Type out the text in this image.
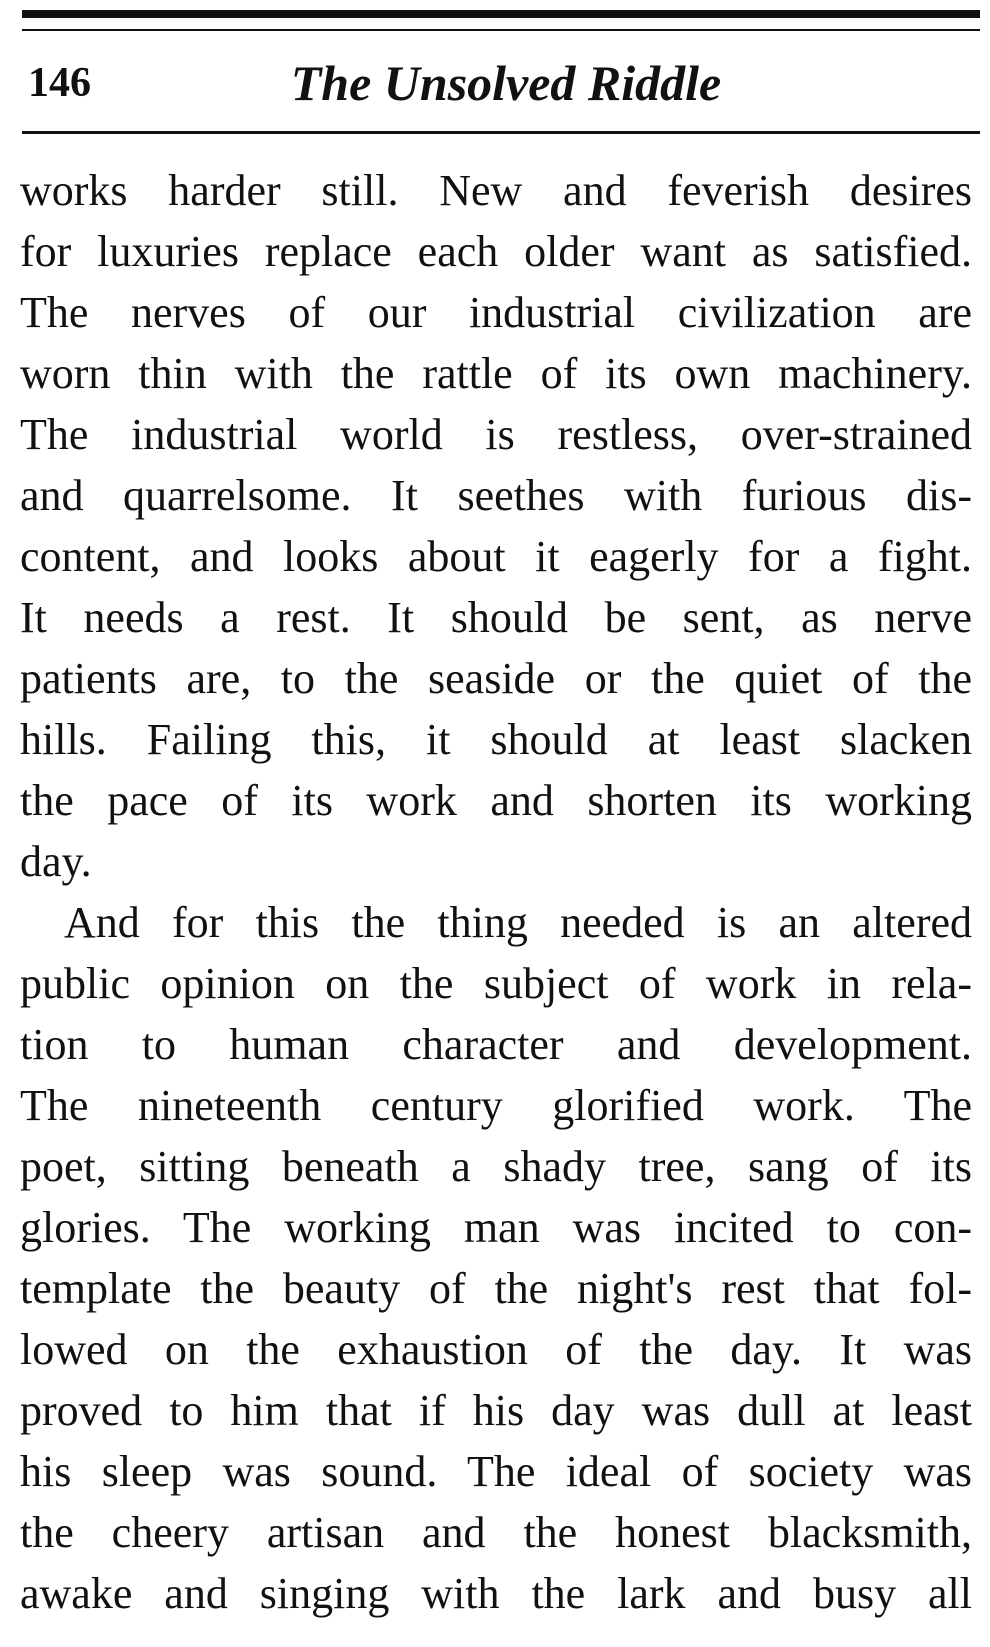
146	The Unsolved Riddle
works harder still. New and feverish desires
for luxuries replace each older want as satisfied.
The nerves of our industrial civilization are
worn thin with the rattle of its own machinery.
The industrial world is restless, over-strained
and quarrelsome. It seethes with furious dis-
content, and looks about it eagerly for a fight.
It needs a rest. It should be sent, as nerve
patients are, to the seaside or the quiet of the
hills. Failing this, it should at least slacken
the pace of its work and shorten its working
day.
And for this the thing needed is an altered
public opinion on the subject of work in rela-
tion to human character and development.
The nineteenth century glorified work. The
poet, sitting beneath a shady tree, sang of its
glories. The working man was incited to con-
template the beauty of the night's rest that fol-
lowed on the exhaustion of the day. It was
proved to him that if his day was dull at least
his sleep was sound. The ideal of society was
the cheery artisan and the honest blacksmith,
awake and singing with the lark and busy all
